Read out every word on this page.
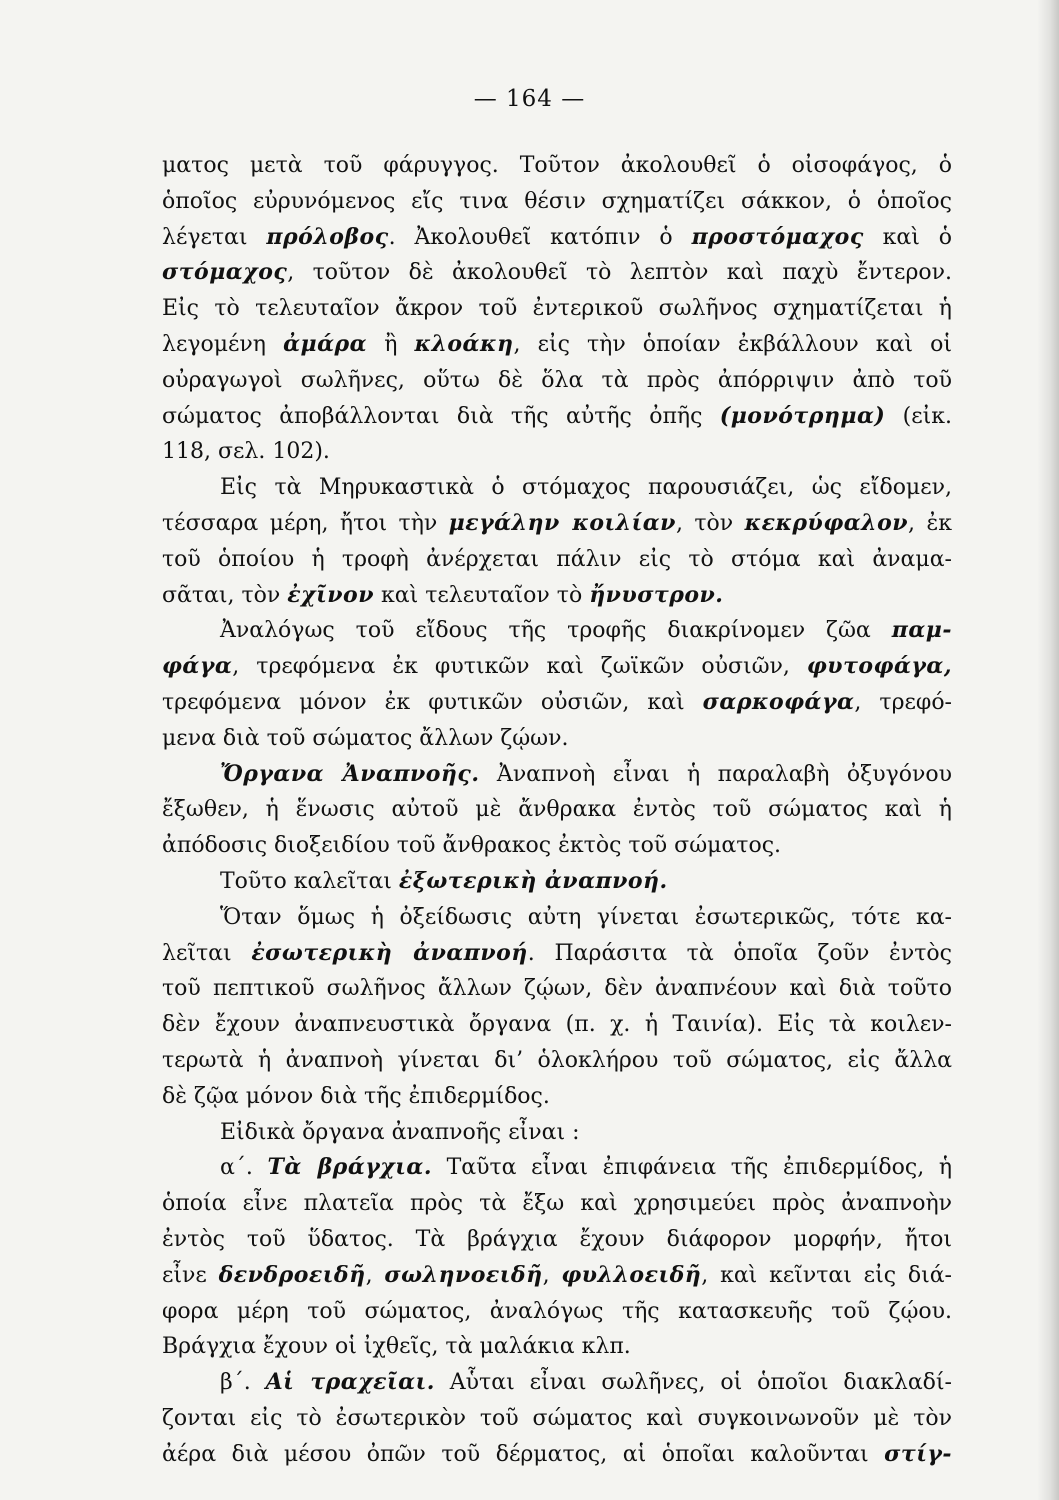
— 164 —
ματος μετὰ τοῦ φάρυγγος. Τοῦτον ἀκολουθεῖ ὁ οἰσοφάγος, ὁ
ὁποῖος εὐρυνόμενος εἴς τινα θέσιν σχηματίζει σάκκον, ὁ ὁποῖος
λέγεται πρόλοβος. Ἀκολουθεῖ κατόπιν ὁ προστόμαχος καὶ ὁ
στόμαχος, τοῦτον δὲ ἀκολουθεῖ τὸ λεπτὸν καὶ παχὺ ἔντερον.
Εἰς τὸ τελευταῖον ἄκρον τοῦ ἐντερικοῦ σωλῆνος σχηματίζεται ἡ
λεγομένη ἀμάρα ἢ κλοάκη, εἰς τὴν ὁποίαν ἐκβάλλουν καὶ οἱ
οὐραγωγοὶ σωλῆνες, οὕτω δὲ ὅλα τὰ πρὸς ἀπόρριψιν ἀπὸ τοῦ
σώματος ἀποβάλλονται διὰ τῆς αὐτῆς ὀπῆς (μονότρημα) (εἰκ.
118, σελ. 102).
Εἰς τὰ Μηρυκαστικὰ ὁ στόμαχος παρουσιάζει, ὡς εἴδομεν,
τέσσαρα μέρη, ἤτοι τὴν μεγάλην κοιλίαν, τὸν κεκρύφαλον, ἐκ
τοῦ ὁποίου ἡ τροφὴ ἀνέρχεται πάλιν εἰς τὸ στόμα καὶ ἀναμα-
σᾶται, τὸν ἐχῖνον καὶ τελευταῖον τὸ ἤνυστρον.
Ἀναλόγως τοῦ εἴδους τῆς τροφῆς διακρίνομεν ζῶα παμ-
φάγα, τρεφόμενα ἐκ φυτικῶν καὶ ζωϊκῶν οὐσιῶν, φυτοφάγα,
τρεφόμενα μόνον ἐκ φυτικῶν οὐσιῶν, καὶ σαρκοφάγα, τρεφό-
μενα διὰ τοῦ σώματος ἄλλων ζῴων.
Ὄργανα Ἀναπνοῆς. Ἀναπνοὴ εἶναι ἡ παραλαβὴ ὀξυγόνου
ἔξωθεν, ἡ ἕνωσις αὐτοῦ μὲ ἄνθρακα ἐντὸς τοῦ σώματος καὶ ἡ
ἀπόδοσις διοξειδίου τοῦ ἄνθρακος ἐκτὸς τοῦ σώματος.
Τοῦτο καλεῖται ἐξωτερικὴ ἀναπνοή.
Ὅταν ὅμως ἡ ὀξείδωσις αὐτη γίνεται ἐσωτερικῶς, τότε κα-
λεῖται ἐσωτερικὴ ἀναπνοή. Παράσιτα τὰ ὁποῖα ζοῦν ἐντὸς
τοῦ πεπτικοῦ σωλῆνος ἄλλων ζῴων, δὲν ἀναπνέουν καὶ διὰ τοῦτο
δὲν ἔχουν ἀναπνευστικὰ ὄργανα (π. χ. ἡ Ταινία). Εἰς τὰ κοιλεν-
τερωτὰ ἡ ἀναπνοὴ γίνεται δι’ ὁλοκλήρου τοῦ σώματος, εἰς ἄλλα
δὲ ζῷα μόνον διὰ τῆς ἐπιδερμίδος.
Εἰδικὰ ὄργανα ἀναπνοῆς εἶναι :
α΄. Τὰ βράγχια. Ταῦτα εἶναι ἐπιφάνεια τῆς ἐπιδερμίδος, ἡ
ὁποία εἶνε πλατεῖα πρὸς τὰ ἔξω καὶ χρησιμεύει πρὸς ἀναπνοὴν
ἐντὸς τοῦ ὕδατος. Τὰ βράγχια ἔχουν διάφορον μορφήν, ἤτοι
εἶνε δενδροειδῆ, σωληνοειδῆ, φυλλοειδῆ, καὶ κεῖνται εἰς διά-
φορα μέρη τοῦ σώματος, ἀναλόγως τῆς κατασκευῆς τοῦ ζῴου.
Βράγχια ἔχουν οἱ ἰχθεῖς, τὰ μαλάκια κλπ.
β΄. Αἱ τραχεῖαι. Αὗται εἶναι σωλῆνες, οἱ ὁποῖοι διακλαδί-
ζονται εἰς τὸ ἐσωτερικὸν τοῦ σώματος καὶ συγκοινωνοῦν μὲ τὸν
ἀέρα διὰ μέσου ὀπῶν τοῦ δέρματος, αἱ ὁποῖαι καλοῦνται στίγ-
